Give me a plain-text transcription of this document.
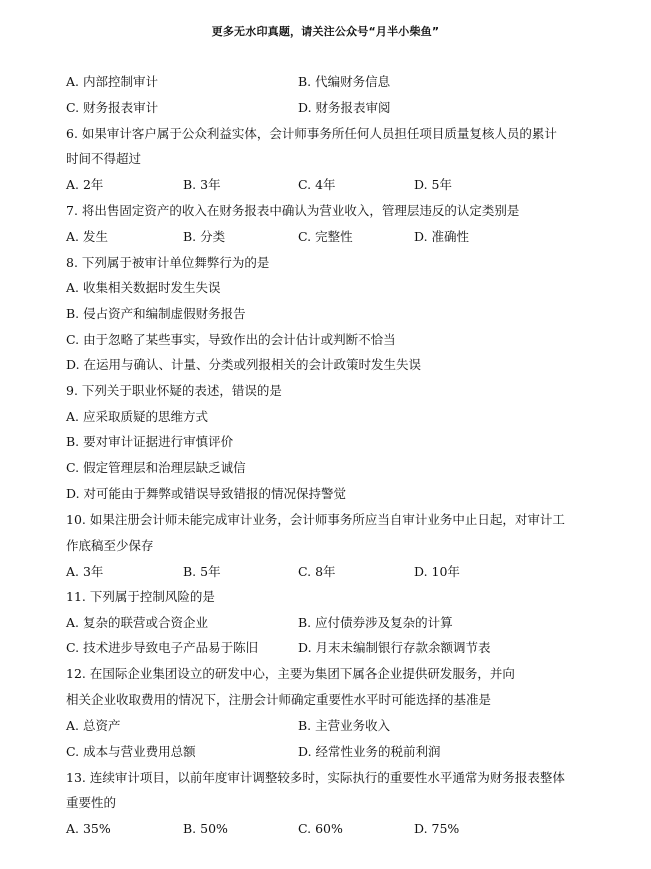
更多无水印真题，请关注公众号“月半小柴鱼”
A. 内部控制审计	B. 代编财务信息
C. 财务报表审计	D. 财务报表审阅
6. 如果审计客户属于公众利益实体，会计师事务所任何人员担任项目质量复核人员的累计
时间不得超过
A. 2年	B. 3年	C. 4年	D. 5年
7. 将出售固定资产的收入在财务报表中确认为营业收入，管理层违反的认定类别是
A. 发生	B. 分类	C. 完整性	D. 准确性
8. 下列属于被审计单位舞弊行为的是
A. 收集相关数据时发生失误
B. 侵占资产和编制虚假财务报告
C. 由于忽略了某些事实，导致作出的会计估计或判断不恰当
D. 在运用与确认、计量、分类或列报相关的会计政策时发生失误
9. 下列关于职业怀疑的表述，错误的是
A. 应采取质疑的思维方式
B. 要对审计证据进行审慎评价
C. 假定管理层和治理层缺乏诚信
D. 对可能由于舞弊或错误导致错报的情况保持警觉
10. 如果注册会计师未能完成审计业务，会计师事务所应当自审计业务中止日起，对审计工
作底稿至少保存
A. 3年	B. 5年	C. 8年	D. 10年
11. 下列属于控制风险的是
A. 复杂的联营或合资企业	B. 应付债券涉及复杂的计算
C. 技术进步导致电子产品易于陈旧	D. 月末未编制银行存款余额调节表
12. 在国际企业集团设立的研发中心，主要为集团下属各企业提供研发服务，并向
相关企业收取费用的情况下，注册会计师确定重要性水平时可能选择的基准是
A. 总资产	B. 主营业务收入
C. 成本与营业费用总额	D. 经常性业务的税前利润
13. 连续审计项目，以前年度审计调整较多时，实际执行的重要性水平通常为财务报表整体
重要性的
A. 35%	B. 50%	C. 60%	D. 75%
